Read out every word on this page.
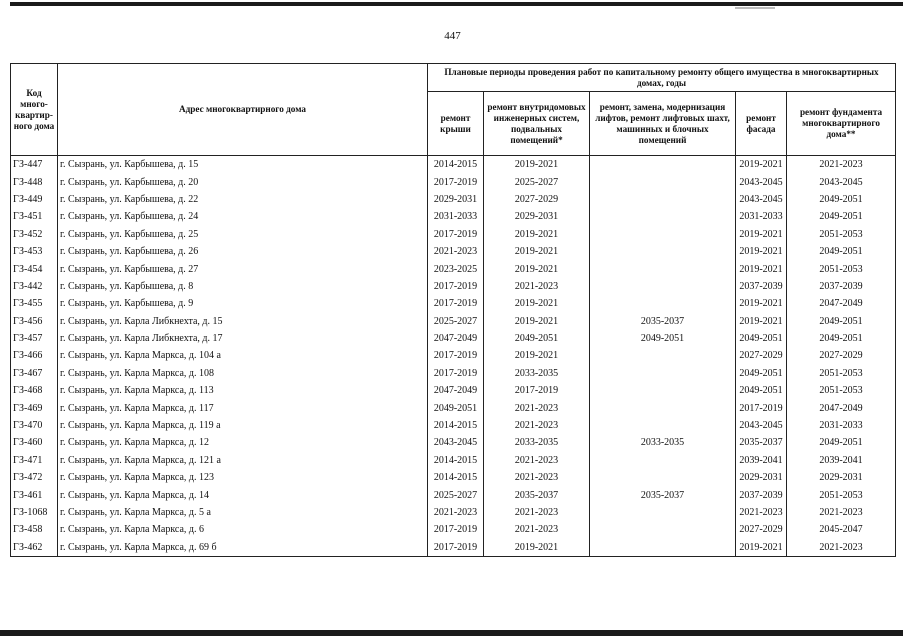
447
Код много-квартир-ного дома	Адрес многоквартирного дома	Плановые периоды проведения работ по капитальному ремонту общего имущества в многоквартирных домах, годы				
		ремонт крыши	ремонт внутридомовых инженерных систем, подвальных помещений*	ремонт, замена, модернизация лифтов, ремонт лифтовых шахт, машинных и блочных помещений	ремонт фасада	ремонт фундамента многоквартирного дома**
ГЗ-447	г. Сызрань, ул. Карбышева, д. 15	2014-2015	2019-2021		2019-2021	2021-2023
ГЗ-448	г. Сызрань, ул. Карбышева, д. 20	2017-2019	2025-2027		2043-2045	2043-2045
ГЗ-449	г. Сызрань, ул. Карбышева, д. 22	2029-2031	2027-2029		2043-2045	2049-2051
ГЗ-451	г. Сызрань, ул. Карбышева, д. 24	2031-2033	2029-2031		2031-2033	2049-2051
ГЗ-452	г. Сызрань, ул. Карбышева, д. 25	2017-2019	2019-2021		2019-2021	2051-2053
ГЗ-453	г. Сызрань, ул. Карбышева, д. 26	2021-2023	2019-2021		2019-2021	2049-2051
ГЗ-454	г. Сызрань, ул. Карбышева, д. 27	2023-2025	2019-2021		2019-2021	2051-2053
ГЗ-442	г. Сызрань, ул. Карбышева, д. 8	2017-2019	2021-2023		2037-2039	2037-2039
ГЗ-455	г. Сызрань, ул. Карбышева, д. 9	2017-2019	2019-2021		2019-2021	2047-2049
ГЗ-456	г. Сызрань, ул. Карла Либкнехта, д. 15	2025-2027	2019-2021	2035-2037	2019-2021	2049-2051
ГЗ-457	г. Сызрань, ул. Карла Либкнехта, д. 17	2047-2049	2049-2051	2049-2051	2049-2051	2049-2051
ГЗ-466	г. Сызрань, ул. Карла Маркса, д. 104 а	2017-2019	2019-2021		2027-2029	2027-2029
ГЗ-467	г. Сызрань, ул. Карла Маркса, д. 108	2017-2019	2033-2035		2049-2051	2051-2053
ГЗ-468	г. Сызрань, ул. Карла Маркса, д. 113	2047-2049	2017-2019		2049-2051	2051-2053
ГЗ-469	г. Сызрань, ул. Карла Маркса, д. 117	2049-2051	2021-2023		2017-2019	2047-2049
ГЗ-470	г. Сызрань, ул. Карла Маркса, д. 119 а	2014-2015	2021-2023		2043-2045	2031-2033
ГЗ-460	г. Сызрань, ул. Карла Маркса, д. 12	2043-2045	2033-2035	2033-2035	2035-2037	2049-2051
ГЗ-471	г. Сызрань, ул. Карла Маркса, д. 121 а	2014-2015	2021-2023		2039-2041	2039-2041
ГЗ-472	г. Сызрань, ул. Карла Маркса, д. 123	2014-2015	2021-2023		2029-2031	2029-2031
ГЗ-461	г. Сызрань, ул. Карла Маркса, д. 14	2025-2027	2035-2037	2035-2037	2037-2039	2051-2053
ГЗ-1068	г. Сызрань, ул. Карла Маркса, д. 5 а	2021-2023	2021-2023		2021-2023	2021-2023
ГЗ-458	г. Сызрань, ул. Карла Маркса, д. 6	2017-2019	2021-2023		2027-2029	2045-2047
ГЗ-462	г. Сызрань, ул. Карла Маркса, д. 69 б	2017-2019	2019-2021		2019-2021	2021-2023
